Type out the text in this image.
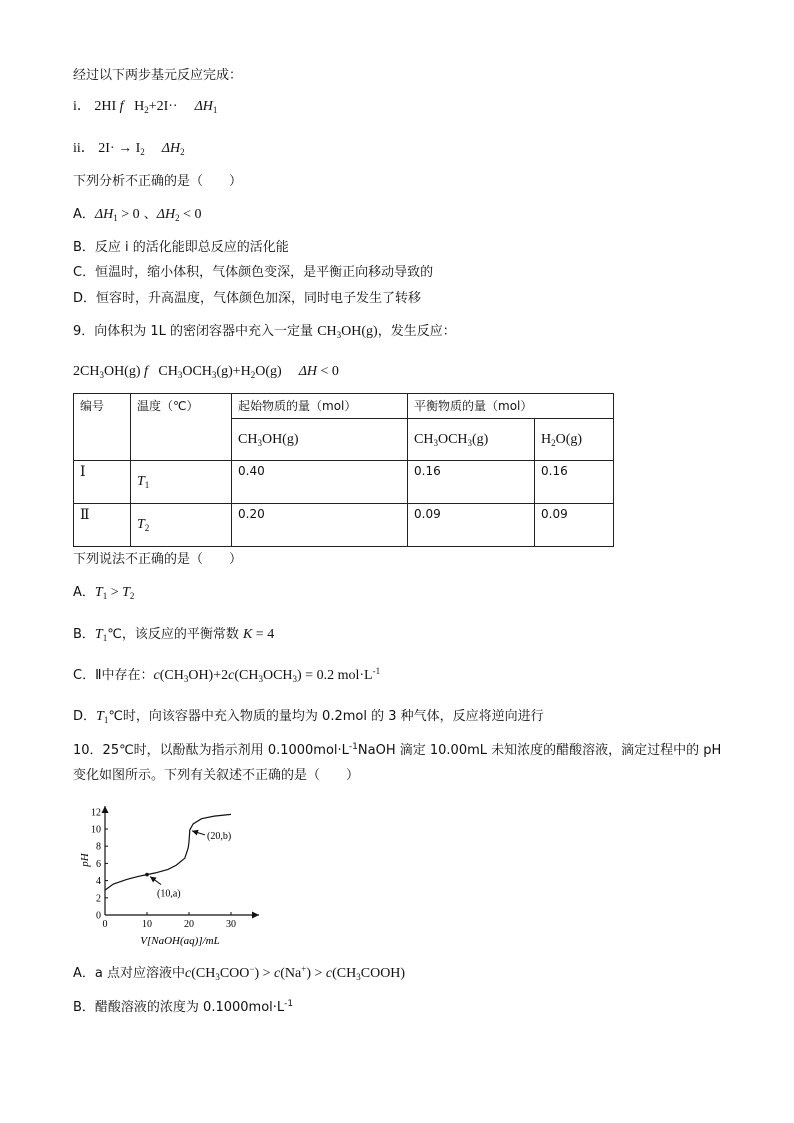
经过以下两步基元反应完成：
i． 2HI f $H_2+2I\cdot\cdot \Delta H_1$
ii． $2I\cdot \to I_2$ $\Delta H_2$
下列分析不正确的是（　　）
A．$\Delta H_1 > 0$ 、$\Delta H_2 < 0$
B．反应 i 的活化能即总反应的活化能
C．恒温时，缩小体积，气体颜色变深，是平衡正向移动导致的
D．恒容时，升高温度，气体颜色加深，同时电子发生了转移
9．向体积为 1L 的密闭容器中充入一定量 $CH_3OH(g)$，发生反应：
$2CH_3OH(g)$ f $CH_3OCH_3(g)+H_2O(g) \Delta H < 0$
编号	温度（℃）	起始物质的量（mol）	平衡物质的量（mol）	
		$CH_3OH(g)$	$CH_3OCH_3(g)$	$H_2O(g)$
Ⅰ	$T_1$	0.40	0.16	0.16
Ⅱ	$T_2$	0.20	0.09	0.09
下列说法不正确的是（　　）
A．$T_1 > T_2$
B．$T_1℃$，该反应的平衡常数 K = 4
C．Ⅱ中存在：$c(CH_3OH)+2c(CH_3OCH_3) = 0.2$ $mol\cdot L^{-1}$
D．$T_1℃$时，向该容器中充入物质的量均为 0.2mol 的 3 种气体，反应将逆向进行
10．25℃时，以酚酞为指示剂用 $0.1000mol\cdot L^{-1}NaOH$ 滴定 10.00mL 未知浓度的醋酸溶液，滴定过程中的 pH
变化如图所示。下列有关叙述不正确的是（　　）
0	10	20	30
0
2
4
6
8
10
12
(10,a)
(20,b)
pH
V[NaOH(aq)]/mL
A．a 点对应溶液中$c(CH_3COO^-) > c(Na^+)$ > $c(CH_3COOH)$
B．醋酸溶液的浓度为 $0.1000mol\cdot L^{-1}$
